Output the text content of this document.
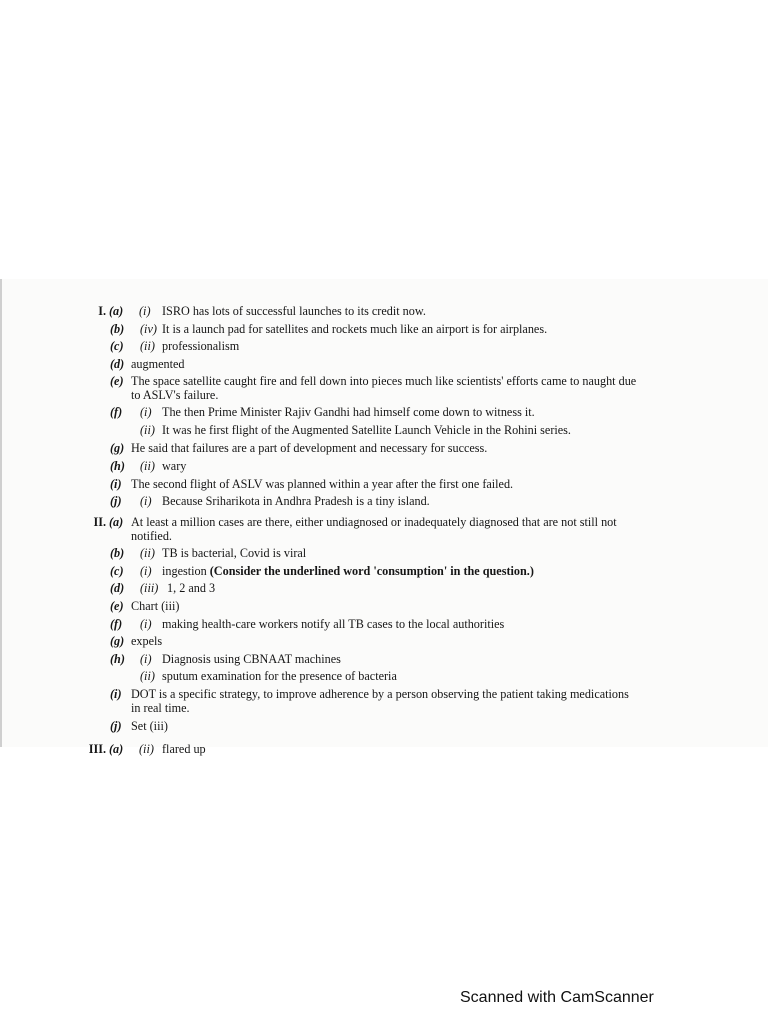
I. (a) (i) ISRO has lots of successful launches to its credit now.
(b) (iv) It is a launch pad for satellites and rockets much like an airport is for airplanes.
(c) (ii) professionalism
(d) augmented
(e) The space satellite caught fire and fell down into pieces much like scientists' efforts came to naught due
to ASLV's failure.
(f) (i) The then Prime Minister Rajiv Gandhi had himself come down to witness it.
(ii) It was he first flight of the Augmented Satellite Launch Vehicle in the Rohini series.
(g) He said that failures are a part of development and necessary for success.
(h) (ii) wary
(i) The second flight of ASLV was planned within a year after the first one failed.
(j) (i) Because Sriharikota in Andhra Pradesh is a tiny island.
II. (a) At least a million cases are there, either undiagnosed or inadequately diagnosed that are not still not
notified.
(b) (ii) TB is bacterial, Covid is viral
(c) (i) ingestion (Consider the underlined word 'consumption' in the question.)
(d) (iii) 1, 2 and 3
(e) Chart (iii)
(f) (i) making health-care workers notify all TB cases to the local authorities
(g) expels
(h) (i) Diagnosis using CBNAAT machines
(ii) sputum examination for the presence of bacteria
(i) DOT is a specific strategy, to improve adherence by a person observing the patient taking medications
in real time.
(j) Set (iii)
III. (a) (ii) flared up
Scanned with CamScanner
